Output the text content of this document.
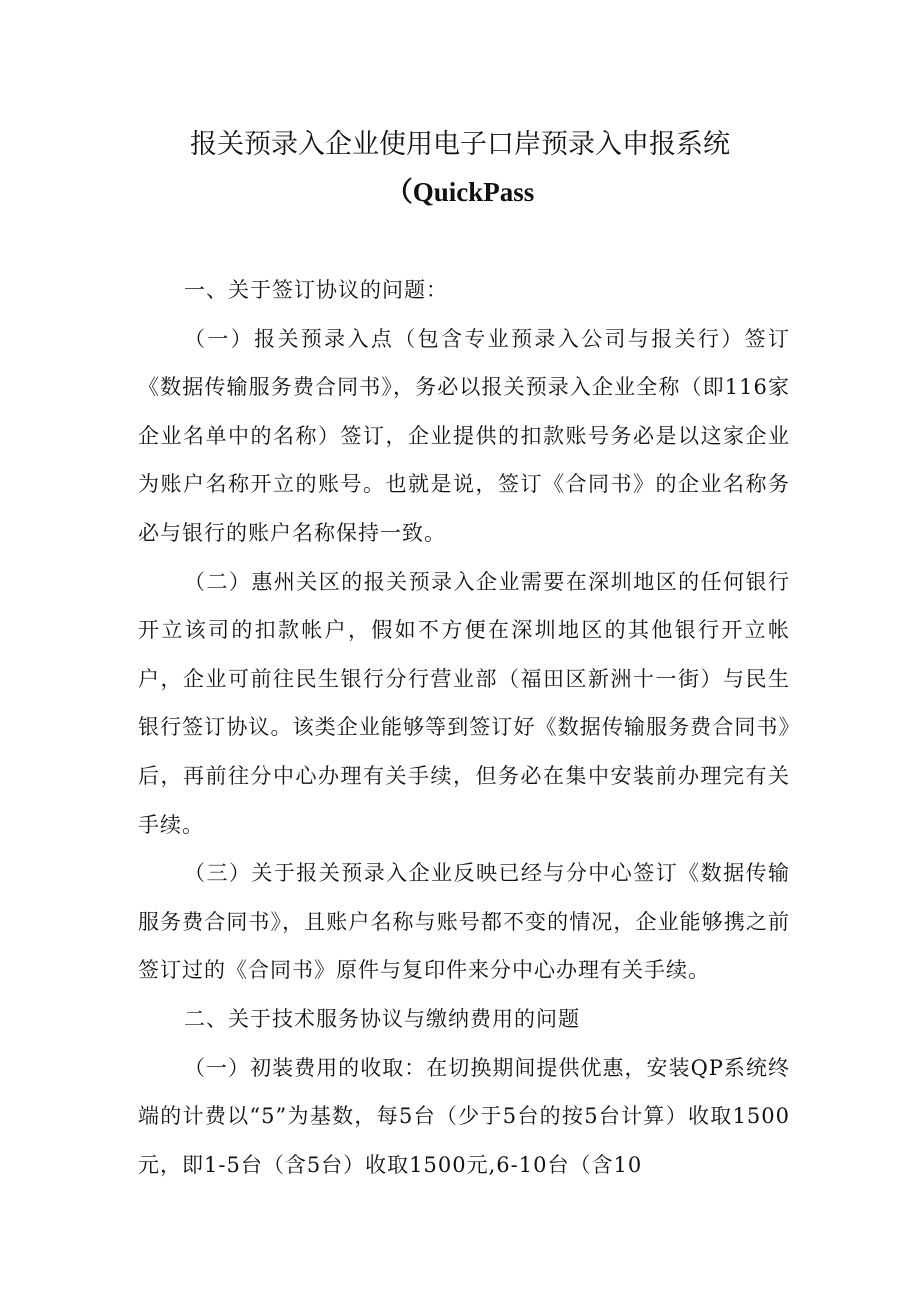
报关预录入企业使用电子口岸预录入申报系统
（QuickPass

一、关于签订协议的问题：

（一）报关预录入点（包含专业预录入公司与报关行）签订《数据传输服务费合同书》，务必以报关预录入企业全称（即116家企业名单中的名称）签订，企业提供的扣款账号务必是以这家企业为账户名称开立的账号。也就是说，签订《合同书》的企业名称务必与银行的账户名称保持一致。

（二）惠州关区的报关预录入企业需要在深圳地区的任何银行开立该司的扣款帐户，假如不方便在深圳地区的其他银行开立帐户，企业可前往民生银行分行营业部（福田区新洲十一街）与民生银行签订协议。该类企业能够等到签订好《数据传输服务费合同书》后，再前往分中心办理有关手续，但务必在集中安装前办理完有关手续。

（三）关于报关预录入企业反映已经与分中心签订《数据传输服务费合同书》，且账户名称与账号都不变的情况，企业能够携之前签订过的《合同书》原件与复印件来分中心办理有关手续。

二、关于技术服务协议与缴纳费用的问题

（一）初装费用的收取：在切换期间提供优惠，安装QP系统终端的计费以“5”为基数，每5台（少于5台的按5台计算）收取1500元，即1-5台（含5台）收取1500元,6-10台（含10
